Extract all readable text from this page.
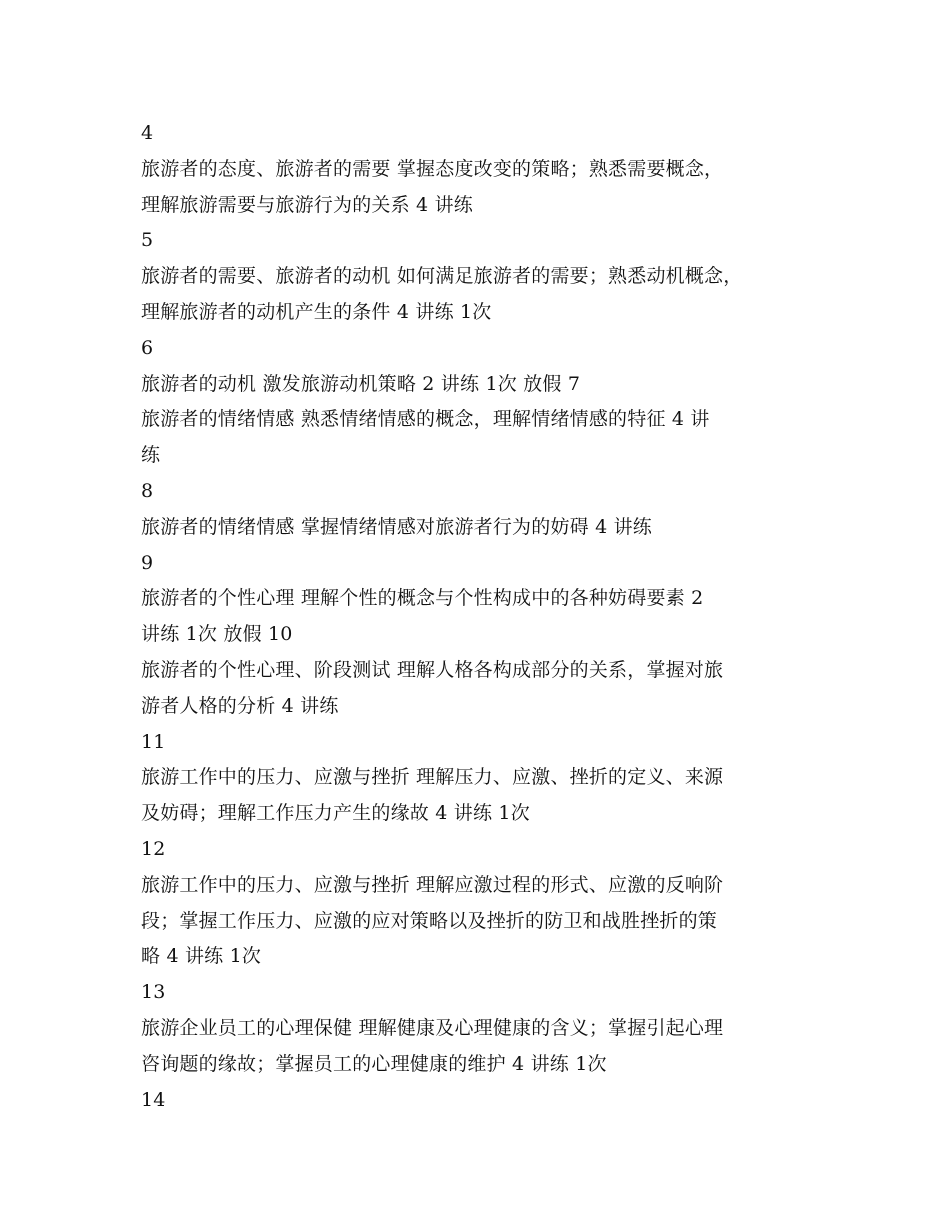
4
旅游者的态度、旅游者的需要 掌握态度改变的策略；熟悉需要概念，
理解旅游需要与旅游行为的关系 4 讲练
5
旅游者的需要、旅游者的动机 如何满足旅游者的需要；熟悉动机概念，
理解旅游者的动机产生的条件 4 讲练 1次
6
旅游者的动机 激发旅游动机策略 2 讲练 1次 放假 7
旅游者的情绪情感 熟悉情绪情感的概念，理解情绪情感的特征 4 讲
练
8
旅游者的情绪情感 掌握情绪情感对旅游者行为的妨碍 4 讲练
9
旅游者的个性心理 理解个性的概念与个性构成中的各种妨碍要素 2
讲练 1次 放假 10
旅游者的个性心理、阶段测试 理解人格各构成部分的关系，掌握对旅
游者人格的分析 4 讲练
11
旅游工作中的压力、应激与挫折 理解压力、应激、挫折的定义、来源
及妨碍；理解工作压力产生的缘故 4 讲练 1次
12
旅游工作中的压力、应激与挫折 理解应激过程的形式、应激的反响阶
段；掌握工作压力、应激的应对策略以及挫折的防卫和战胜挫折的策
略 4 讲练 1次
13
旅游企业员工的心理保健 理解健康及心理健康的含义；掌握引起心理
咨询题的缘故；掌握员工的心理健康的维护 4 讲练 1次
14
